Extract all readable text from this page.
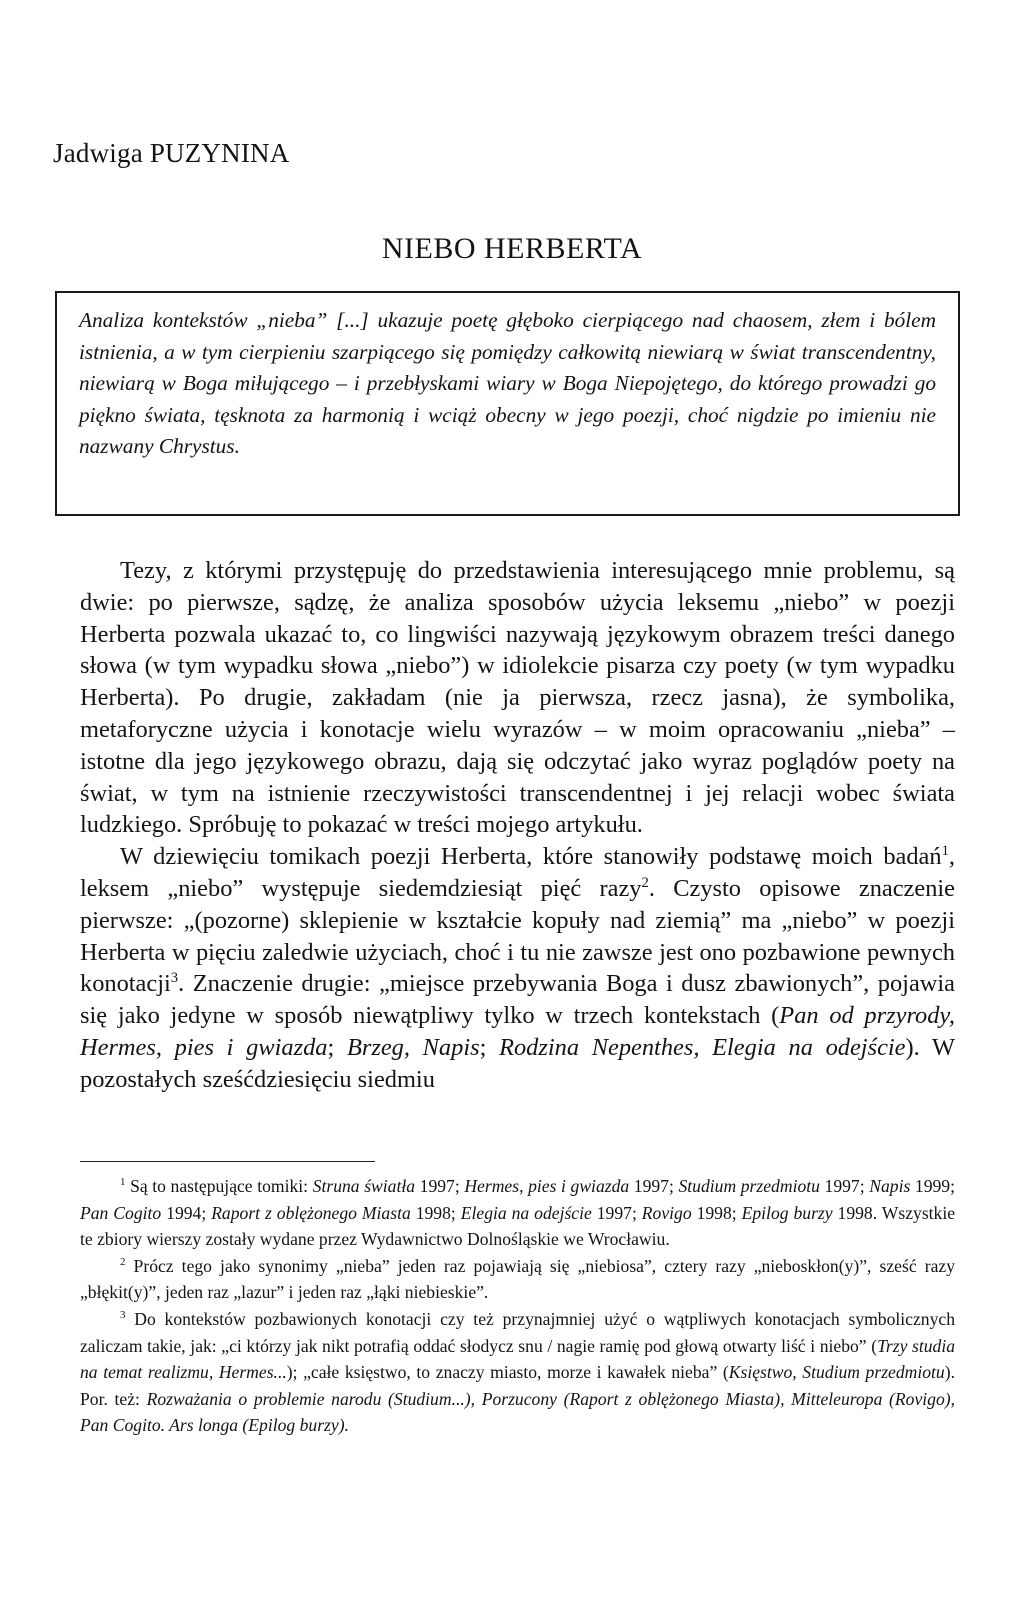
Jadwiga PUZYNINA
NIEBO HERBERTA

Analiza kontekstów „nieba” [...] ukazuje poetę głęboko cierpiącego nad chaosem, złem i bólem istnienia, a w tym cierpieniu szarpiącego się pomiędzy całkowitą niewiarą w świat transcendentny, niewiarą w Boga miłującego – i przebłyskami wiary w Boga Niepojętego, do którego prowadzi go piękno świata, tęsknota za harmonią i wciąż obecny w jego poezji, choć nigdzie po imieniu nie nazwany Chrystus.

Tezy, z którymi przystępuję do przedstawienia interesującego mnie problemu, są dwie: po pierwsze, sądzę, że analiza sposobów użycia leksemu „niebo” w poezji Herberta pozwala ukazać to, co lingwiści nazywają językowym obrazem treści danego słowa (w tym wypadku słowa „niebo”) w idiolekcie pisarza czy poety (w tym wypadku Herberta). Po drugie, zakładam (nie ja pierwsza, rzecz jasna), że symbolika, metaforyczne użycia i konotacje wielu wyrazów – w moim opracowaniu „nieba” – istotne dla jego językowego obrazu, dają się odczytać jako wyraz poglądów poety na świat, w tym na istnienie rzeczywistości transcendentnej i jej relacji wobec świata ludzkiego. Spróbuję to pokazać w treści mojego artykułu.

W dziewięciu tomikach poezji Herberta, które stanowiły podstawę moich badań$^1$, leksem „niebo” występuje siedemdziesiąt pięć razy$^2$. Czysto opisowe znaczenie pierwsze: „(pozorne) sklepienie w kształcie kopuły nad ziemią” ma „niebo” w poezji Herberta w pięciu zaledwie użyciach, choć i tu nie zawsze jest ono pozbawione pewnych konotacji$^3$. Znaczenie drugie: „miejsce przebywania Boga i dusz zbawionych”, pojawia się jako jedyne w sposób niewątpliwy tylko w trzech kontekstach (Pan od przyrody, Hermes, pies i gwiazda; Brzeg, Napis; Rodzina Nepenthes, Elegia na odejście). W pozostałych sześćdziesięciu siedmiu

$^1$ Są to następujące tomiki: Struna światła 1997; Hermes, pies i gwiazda 1997; Studium przedmiotu 1997; Napis 1999; Pan Cogito 1994; Raport z oblężonego Miasta 1998; Elegia na odejście 1997; Rovigo 1998; Epilog burzy 1998. Wszystkie te zbiory wierszy zostały wydane przez Wydawnictwo Dolnośląskie we Wrocławiu.

$^2$ Prócz tego jako synonimy „nieba” jeden raz pojawiają się „niebiosa”, cztery razy „nieboskłon(y)”, sześć razy „błękit(y)”, jeden raz „lazur” i jeden raz „łąki niebieskie”.

$^3$ Do kontekstów pozbawionych konotacji czy też przynajmniej użyć o wątpliwych konotacjach symbolicznych zaliczam takie, jak: „ci którzy jak nikt potrafią oddać słodycz snu / nagie ramię pod głową otwarty liść i niebo” (Trzy studia na temat realizmu, Hermes...); „całe księstwo, to znaczy miasto, morze i kawałek nieba” (Księstwo, Studium przedmiotu). Por. też: Rozważania o problemie narodu (Studium...), Porzucony (Raport z oblężonego Miasta), Mitteleuropa (Rovigo), Pan Cogito. Ars longa (Epilog burzy).
